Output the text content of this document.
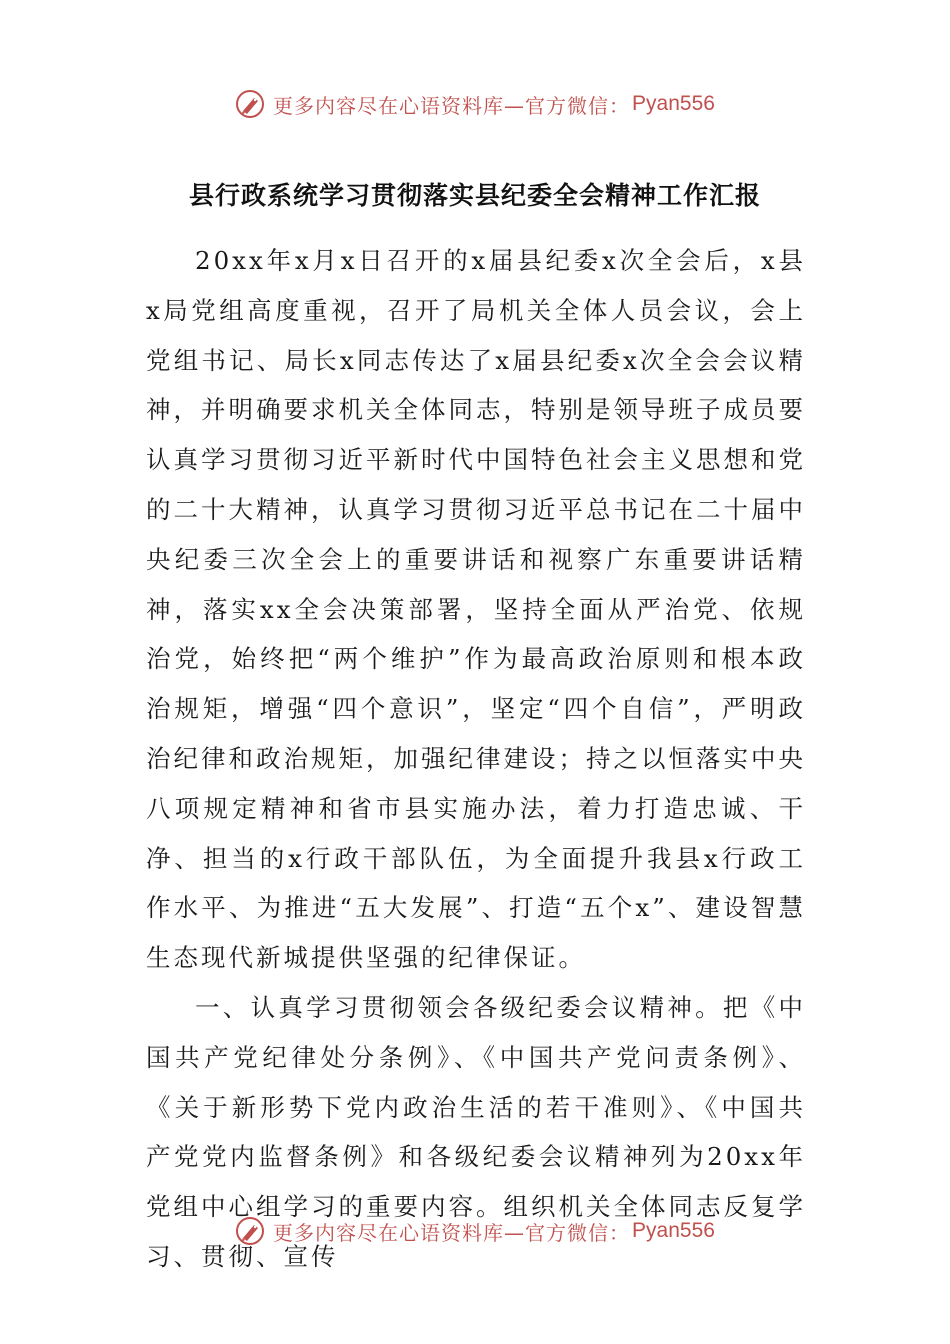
更多内容尽在心语资料库—官方微信： Pyan556
县行政系统学习贯彻落实县纪委全会精神工作汇报

20xx年x月x日召开的x届县纪委x次全会后，x县x局党组高度重视，召开了局机关全体人员会议，会上党组书记、局长x同志传达了x届县纪委x次全会会议精神，并明确要求机关全体同志，特别是领导班子成员要认真学习贯彻习近平新时代中国特色社会主义思想和党的二十大精神，认真学习贯彻习近平总书记在二十届中央纪委三次全会上的重要讲话和视察广东重要讲话精神，落实xx全会决策部署，坚持全面从严治党、依规治党，始终把“两个维护”作为最高政治原则和根本政治规矩，增强“四个意识”，坚定“四个自信”，严明政治纪律和政治规矩，加强纪律建设；持之以恒落实中央八项规定精神和省市县实施办法，着力打造忠诚、干净、担当的x行政干部队伍，为全面提升我县x行政工作水平、为推进“五大发展”、打造“五个x”、建设智慧生态现代新城提供坚强的纪律保证。

一、认真学习贯彻领会各级纪委会议精神。把《中国共产党纪律处分条例》、《中国共产党问责条例》、《关于新形势下党内政治生活的若干准则》、《中国共产党党内监督条例》和各级纪委会议精神列为20xx年党组中心组学习的重要内容。组织机关全体同志反复学习、贯彻、宣传

更多内容尽在心语资料库—官方微信： Pyan556
